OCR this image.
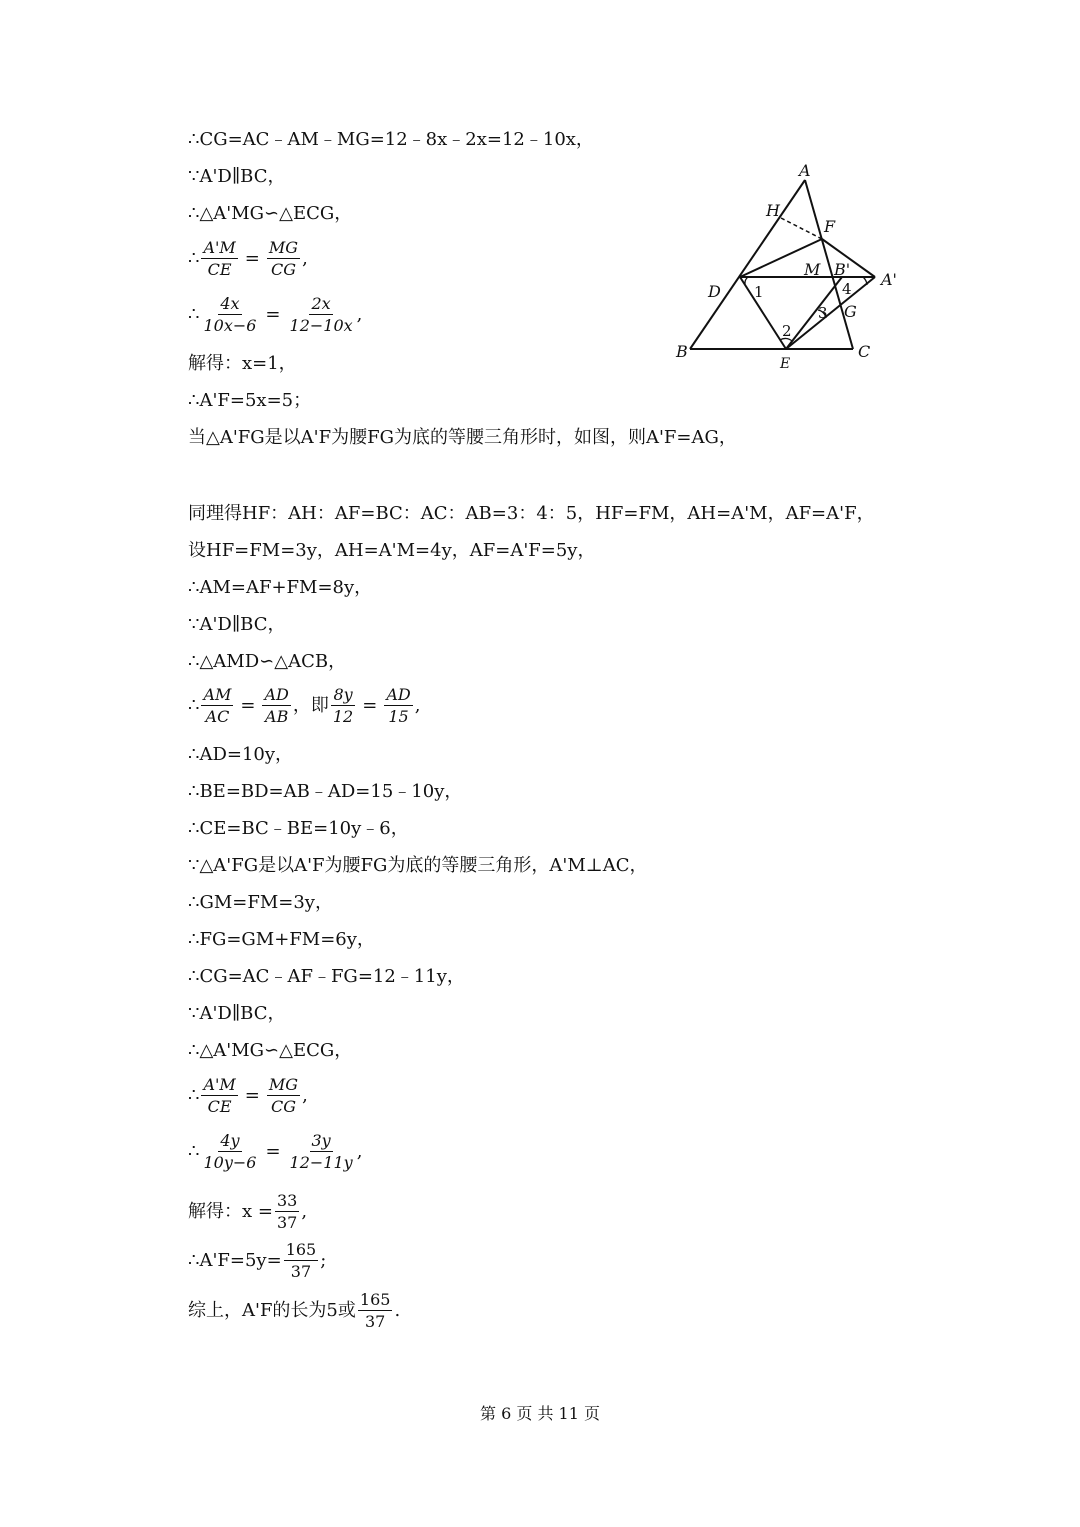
∴CG=AC﹣AM﹣MG=12﹣8x﹣2x=12﹣10x，
∵A'D∥BC，
∴△A'MG∽△ECG，
∴ $\frac{A'M}{CE} = \frac{MG}{CG}$ ,
∴ $\frac{4x}{10x-6} = \frac{2x}{12-10x}$ ,
解得：x=1，
∴A'F=5x=5；
当△A'FG是以A'F为腰FG为底的等腰三角形时，如图，则A'F=AG，
同理得HF：AH：AF=BC：AC：AB=3：4：5，HF=FM，AH=A'M，AF=A'F，
设HF=FM=3y，AH=A'M=4y，AF=A'F=5y，
∴AM=AF+FM=8y，
∵A'D∥BC，
∴△AMD∽△ACB，
∴ $\frac{AM}{AC} = \frac{AD}{AB}$ ，即 $\frac{8y}{12} = \frac{AD}{15}$ ,
∴AD=10y，
∴BE=BD=AB﹣AD=15﹣10y，
∴CE=BC﹣BE=10y﹣6，
∵△A'FG是以A'F为腰FG为底的等腰三角形，A'M⊥AC，
∴GM=FM=3y，
∴FG=GM+FM=6y，
∴CG=AC﹣AF﹣FG=12﹣11y，
∵A'D∥BC，
∴△A'MG∽△ECG，
∴ $\frac{A'M}{CE} = \frac{MG}{CG}$ ,
∴ $\frac{4y}{10y-6} = \frac{3y}{12-11y}$ ,
解得：$x = \frac{33}{37}$ ,
∴A'F=5y= $\frac{165}{37}$ ;
综上，A'F的长为5或 $\frac{165}{37}$ .
A
H
F
M B'
A'
D
G
B
E
C
1	4
3
2
第 6 页 共 11 页
